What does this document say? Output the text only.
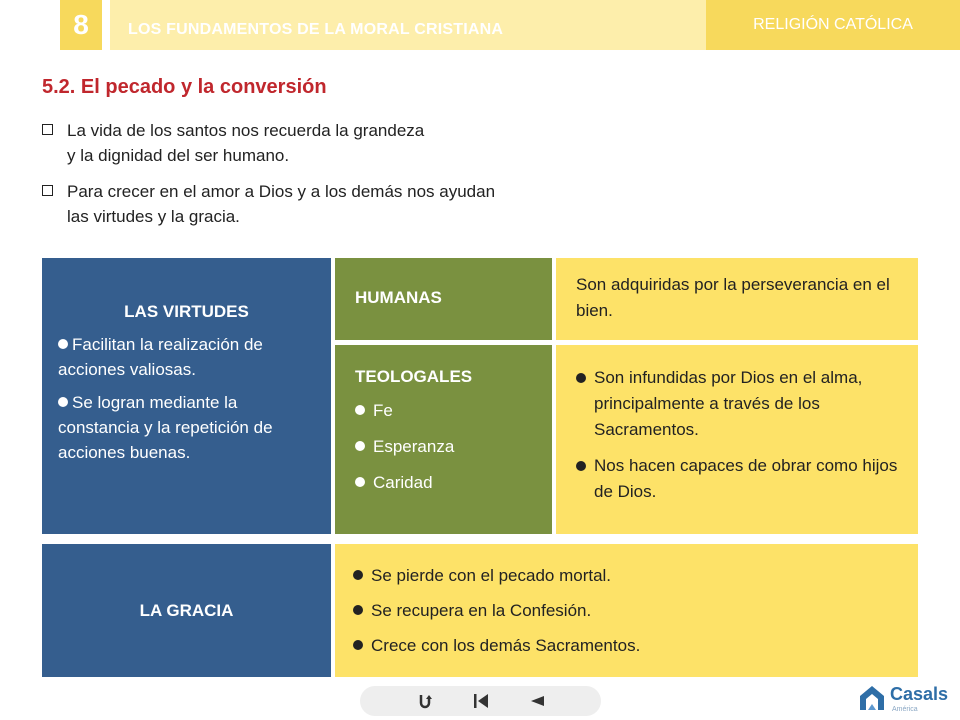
8	LOS FUNDAMENTOS DE LA MORAL CRISTIANA	RELIGIÓN CATÓLICA
5.2. El pecado y la conversión
La vida de los santos nos recuerda la grandeza
y la dignidad del ser humano.
Para crecer en el amor a Dios y a los demás nos ayudan
las virtudes y la gracia.
LAS VIRTUDES
Facilitan la realización de acciones valiosas.
Se logran mediante la constancia y la repetición de acciones buenas.
HUMANAS
Son adquiridas por la perseverancia en el bien.
TEOLOGALES
Fe
Esperanza
Caridad
Son infundidas por Dios en el alma, principalmente a través de los Sacramentos.
Nos hacen capaces de obrar como hijos de Dios.
LA GRACIA
Se pierde con el pecado mortal.
Se recupera en la Confesión.
Crece con los demás Sacramentos.
Casals
América
